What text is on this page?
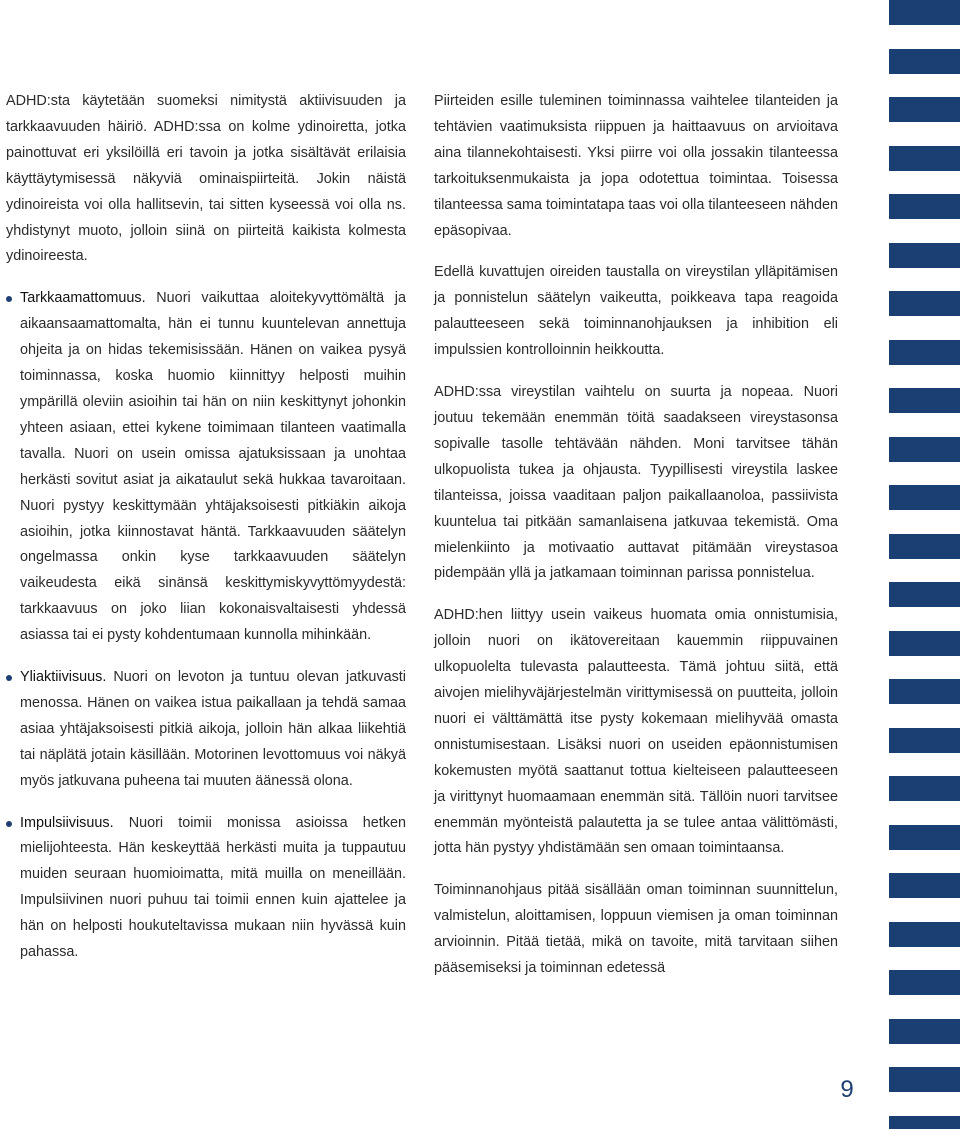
ADHD:sta käytetään suomeksi nimitystä aktiivisuuden ja tarkkaavuuden häiriö. ADHD:ssa on kolme ydinoiretta, jotka painottuvat eri yksilöillä eri tavoin ja jotka sisältävät erilaisia käyttäytymisessä näkyviä ominaispiirteitä. Jokin näistä ydinoireista voi olla hallitsevin, tai sitten kyseessä voi olla ns. yhdistynyt muoto, jolloin siinä on piirteitä kaikista kolmesta ydinoireesta.

Tarkkaamattomuus. Nuori vaikuttaa aloitekyvyttömältä ja aikaansaamattomalta, hän ei tunnu kuuntelevan annettuja ohjeita ja on hidas tekemisissään. Hänen on vaikea pysyä toiminnassa, koska huomio kiinnittyy helposti muihin ympärillä oleviin asioihin tai hän on niin keskittynyt johonkin yhteen asiaan, ettei kykene toimimaan tilanteen vaatimalla tavalla. Nuori on usein omissa ajatuksissaan ja unohtaa herkästi sovitut asiat ja aikataulut sekä hukkaa tavaroitaan. Nuori pystyy keskittymään yhtäjaksoisesti pitkiäkin aikoja asioihin, jotka kiinnostavat häntä. Tarkkaavuuden säätelyn ongelmassa onkin kyse tarkkaavuuden säätelyn vaikeudesta eikä sinänsä keskittymiskyvyttömyydestä: tarkkaavuus on joko liian kokonaisvaltaisesti yhdessä asiassa tai ei pysty kohdentumaan kunnolla mihinkään.
Yliaktiivisuus. Nuori on levoton ja tuntuu olevan jatkuvasti menossa. Hänen on vaikea istua paikallaan ja tehdä samaa asiaa yhtäjaksoisesti pitkiä aikoja, jolloin hän alkaa liikehtiä tai näplätä jotain käsillään. Motorinen levottomuus voi näkyä myös jatkuvana puheena tai muuten äänessä olona.
Impulsiivisuus. Nuori toimii monissa asioissa hetken mielijohteesta. Hän keskeyttää herkästi muita ja tuppautuu muiden seuraan huomioimatta, mitä muilla on meneillään. Impulsiivinen nuori puhuu tai toimii ennen kuin ajattelee ja hän on helposti houkuteltavissa mukaan niin hyvässä kuin pahassa.

Piirteiden esille tuleminen toiminnassa vaihtelee tilanteiden ja tehtävien vaatimuksista riippuen ja haittaavuus on arvioitava aina tilannekohtaisesti. Yksi piirre voi olla jossakin tilanteessa tarkoituksenmukaista ja jopa odotettua toimintaa. Toisessa tilanteessa sama toimintatapa taas voi olla tilanteeseen nähden epäsopivaa.

Edellä kuvattujen oireiden taustalla on vireystilan ylläpitämisen ja ponnistelun säätelyn vaikeutta, poikkeava tapa reagoida palautteeseen sekä toiminnanohjauksen ja inhibition eli impulssien kontrolloinnin heikkoutta.

ADHD:ssa vireystilan vaihtelu on suurta ja nopeaa. Nuori joutuu tekemään enemmän töitä saadakseen vireystasonsa sopivalle tasolle tehtävään nähden. Moni tarvitsee tähän ulkopuolista tukea ja ohjausta. Tyypillisesti vireystila laskee tilanteissa, joissa vaaditaan paljon paikallaanoloa, passiivista kuuntelua tai pitkään samanlaisena jatkuvaa tekemistä. Oma mielenkiinto ja motivaatio auttavat pitämään vireystasoa pidempään yllä ja jatkamaan toiminnan parissa ponnistelua.

ADHD:hen liittyy usein vaikeus huomata omia onnistumisia, jolloin nuori on ikätovereitaan kauemmin riippuvainen ulkopuolelta tulevasta palautteesta. Tämä johtuu siitä, että aivojen mielihyväjärjestelmän virittymisessä on puutteita, jolloin nuori ei välttämättä itse pysty kokemaan mielihyvää omasta onnistumisestaan. Lisäksi nuori on useiden epäonnistumisen kokemusten myötä saattanut tottua kielteiseen palautteeseen ja virittynyt huomaamaan enemmän sitä. Tällöin nuori tarvitsee enemmän myönteistä palautetta ja se tulee antaa välittömästi, jotta hän pystyy yhdistämään sen omaan toimintaansa.

Toiminnanohjaus pitää sisällään oman toiminnan suunnittelun, valmistelun, aloittamisen, loppuun viemisen ja oman toiminnan arvioinnin. Pitää tietää, mikä on tavoite, mitä tarvitaan siihen pääsemiseksi ja toiminnan edetessä

9
